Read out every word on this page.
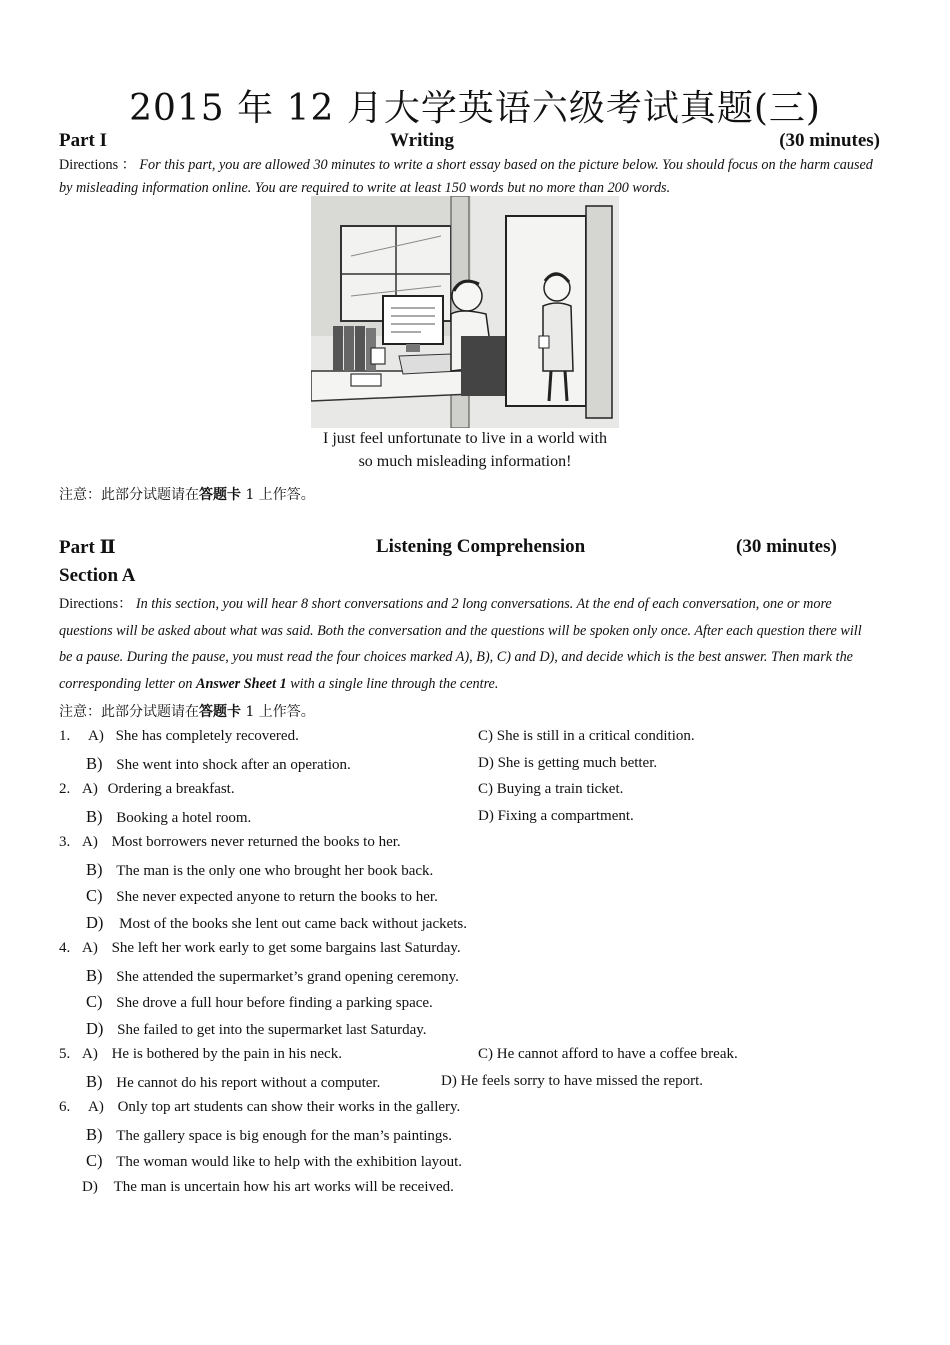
2015 年 12 月大学英语六级考试真题(三)
Part I	Writing	(30 minutes)
Directions ： For this part, you are allowed 30 minutes to write a short essay based on the picture below. You should focus on the harm caused by misleading information online. You are required to write at least 150 words but no more than 200 words.
I just feel unfortunate to live in a world with
so much misleading information!
注意：此部分试题请在答题卡 1 上作答。
Part Ⅱ	Listening Comprehension	(30 minutes)
Section A
Directions： In this section, you will hear 8 short conversations and 2 long conversations. At the end of each conversation, one or more questions will be asked about what was said. Both the conversation and the questions will be spoken only once. After each question there will be a pause. During the pause, you must read the four choices marked A), B), C) and D), and decide which is the best answer. Then mark the corresponding letter on Answer Sheet 1 with a single line through the centre.
注意：此部分试题请在答题卡 1 上作答。
1. A) She has completely recovered.	C) She is still in a critical condition.
B) She went into shock after an operation.	D) She is getting much better.
2. A) Ordering a breakfast.	C) Buying a train ticket.
B) Booking a hotel room.	D) Fixing a compartment.
3. A) Most borrowers never returned the books to her.
B) The man is the only one who brought her book back.
C) She never expected anyone to return the books to her.
D) Most of the books she lent out came back without jackets.
4. A) She left her work early to get some bargains last Saturday.
B) She attended the supermarket’s grand opening ceremony.
C) She drove a full hour before finding a parking space.
D) She failed to get into the supermarket last Saturday.
5. A) He is bothered by the pain in his neck.	C) He cannot afford to have a coffee break.
B) He cannot do his report without a computer.	D) He feels sorry to have missed the report.
6. A) Only top art students can show their works in the gallery.
B) The gallery space is big enough for the man’s paintings.
C) The woman would like to help with the exhibition layout.
D) The man is uncertain how his art works will be received.
